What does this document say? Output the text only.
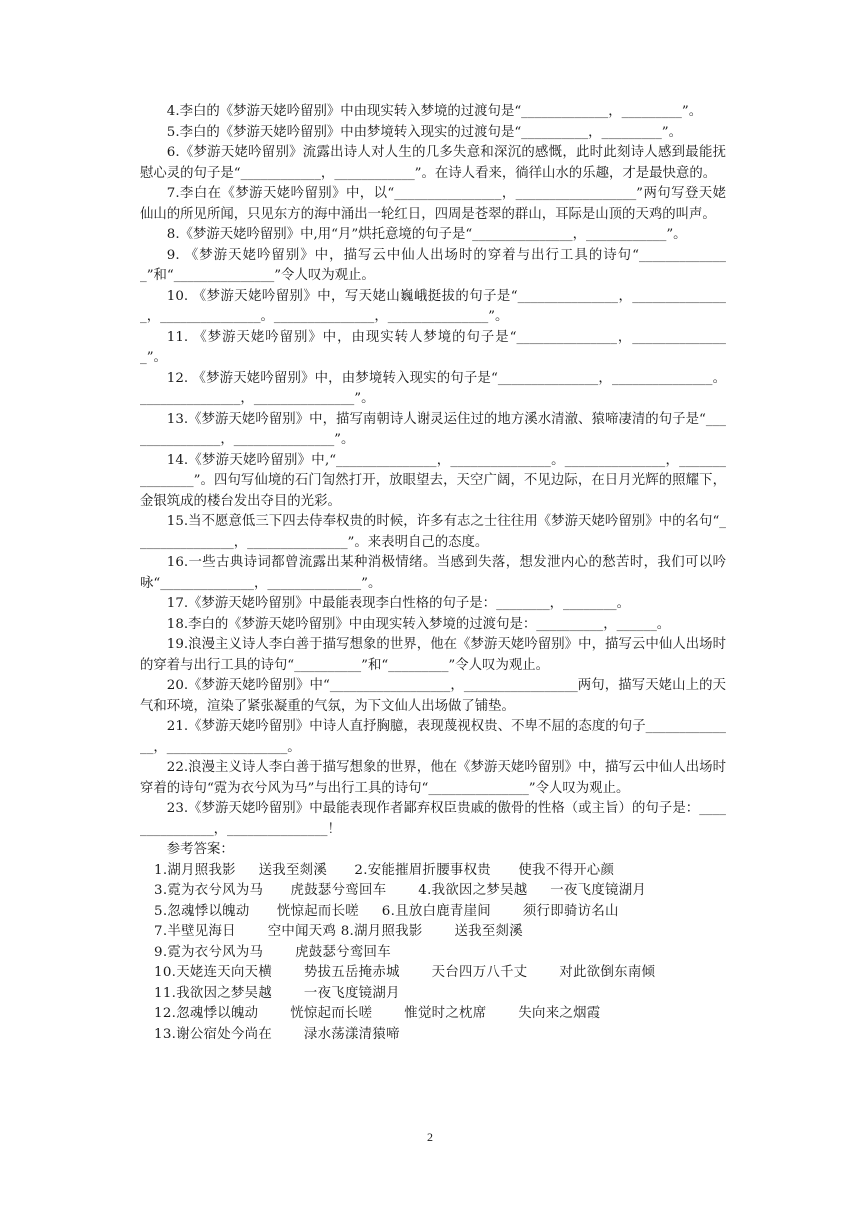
4.李白的《梦游天姥吟留别》中由现实转入梦境的过渡句是“_____________，_________”。

5.李白的《梦游天姥吟留别》中由梦境转入现实的过渡句是“__________，_________”。

6.《梦游天姥吟留别》流露出诗人对人生的几多失意和深沉的感慨，此时此刻诗人感到最能抚慰心灵的句子是“____________，____________”。在诗人看来，徜徉山水的乐趣，才是最快意的。

7.李白在《梦游天姥吟留别》中，以“________________，__________________”两句写登天姥仙山的所见所闻，只见东方的海中涌出一轮红日，四周是苍翠的群山，耳际是山顶的天鸡的叫声。

8.《梦游天姥吟留别》中,用“月”烘托意境的句子是“_______________，____________”。

9. 《梦游天姥吟留别》中，描写云中仙人出场时的穿着与出行工具的诗句“______________”和“_______________”令人叹为观止。

10. 《梦游天姥吟留别》中，写天姥山巍峨挺拔的句子是“_______________，_______________，_______________。_______________，_______________”。

11. 《梦游天姥吟留别》中，由现实转人梦境的句子是“_______________，_______________”。

12. 《梦游天姥吟留别》中，由梦境转入现实的句子是“_______________，_______________。_______________，_______________”。

13.《梦游天姥吟留别》中，描写南朝诗人谢灵运住过的地方溪水清澈、猿啼凄清的句子是“_______________，_______________”。

14.《梦游天姥吟留别》中,“_______________，_______________。_______________，_______________”。四句写仙境的石门訇然打开，放眼望去，天空广阔，不见边际，在日月光辉的照耀下，金银筑成的楼台发出夺目的光彩。

15.当不愿意低三下四去侍奉权贵的时候，许多有志之士往往用《梦游天姥吟留别》中的名句“_______________，_______________”。来表明自己的态度。

16.一些古典诗词都曾流露出某种消极情绪。当感到失落，想发泄内心的愁苦时，我们可以吟咏“______________，______________”。

17.《梦游天姥吟留别》中最能表现李白性格的句子是：________，________。

18.李白的《梦游天姥吟留别》中由现实转入梦境的过渡句是：__________，______。

19.浪漫主义诗人李白善于描写想象的世界，他在《梦游天姥吟留别》中，描写云中仙人出场时的穿着与出行工具的诗句“__________”和“_________”令人叹为观止。

20.《梦游天姥吟留别》中“__________________，_________________两句，描写天姥山上的天气和环境，渲染了紧张凝重的气氛，为下文仙人出场做了铺垫。

21.《梦游天姥吟留别》中诗人直抒胸臆，表现蔑视权贵、不卑不屈的态度的句子______________，__________________。

22.浪漫主义诗人李白善于描写想象的世界，他在《梦游天姥吟留别》中，描写云中仙人出场时穿着的诗句“霓为衣兮风为马”与出行工具的诗句“_______________”令人叹为观止。

23.《梦游天姥吟留别》中最能表现作者鄙弃权臣贵戚的傲骨的性格（或主旨）的句子是：_______________，_______________！

参考答案：

1.湖月照我影     送我至剡溪      2.安能摧眉折腰事权贵      使我不得开心颜

3.霓为衣兮风为马      虎鼓瑟兮鸾回车       4.我欲因之梦吴越     一夜飞度镜湖月

5.忽魂悸以魄动      恍惊起而长嗟     6.且放白鹿青崖间       须行即骑访名山

7.半壁见海日       空中闻天鸡 8.湖月照我影       送我至剡溪

9.霓为衣兮风为马       虎鼓瑟兮鸾回车

10.天姥连天向天横       势拔五岳掩赤城       天台四万八千丈       对此欲倒东南倾

11.我欲因之梦吴越       一夜飞度镜湖月

12.忽魂悸以魄动       恍惊起而长嗟       惟觉时之枕席       失向来之烟霞

13.谢公宿处今尚在       渌水荡漾清猿啼

2
